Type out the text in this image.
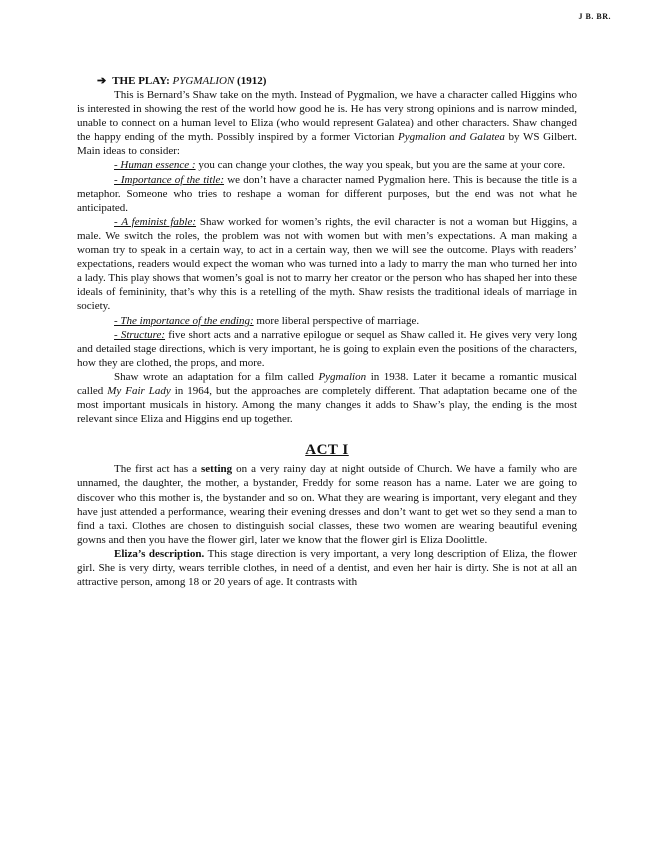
J B. BR.
➔ THE PLAY: PYGMALION (1912)

This is Bernard’s Shaw take on the myth. Instead of Pygmalion, we have a character called Higgins who is interested in showing the rest of the world how good he is. He has very strong opinions and is narrow minded, unable to connect on a human level to Eliza (who would represent Galatea) and other characters. Shaw changed the happy ending of the myth. Possibly inspired by a former Victorian Pygmalion and Galatea by WS Gilbert. Main ideas to consider:

- Human essence : you can change your clothes, the way you speak, but you are the same at your core.

- Importance of the title: we don’t have a character named Pygmalion here. This is because the title is a metaphor. Someone who tries to reshape a woman for different purposes, but the end was not what he anticipated.

- A feminist fable: Shaw worked for women’s rights, the evil character is not a woman but Higgins, a male. We switch the roles, the problem was not with women but with men’s expectations. A man making a woman try to speak in a certain way, to act in a certain way, then we will see the outcome. Plays with readers’ expectations, readers would expect the woman who was turned into a lady to marry the man who turned her into a lady. This play shows that women’s goal is not to marry her creator or the person who has shaped her into these ideals of femininity, that’s why this is a retelling of the myth. Shaw resists the traditional ideals of marriage in society.

- The importance of the ending: more liberal perspective of marriage.

- Structure: five short acts and a narrative epilogue or sequel as Shaw called it. He gives very very long and detailed stage directions, which is very important, he is going to explain even the positions of the characters, how they are clothed, the props, and more.

Shaw wrote an adaptation for a film called Pygmalion in 1938. Later it became a romantic musical called My Fair Lady in 1964, but the approaches are completely different. That adaptation became one of the most important musicals in history. Among the many changes it adds to Shaw’s play, the ending is the most relevant since Eliza and Higgins end up together.

ACT I

The first act has a setting on a very rainy day at night outside of Church. We have a family who are unnamed, the daughter, the mother, a bystander, Freddy for some reason has a name. Later we are going to discover who this mother is, the bystander and so on. What they are wearing is important, very elegant and they have just attended a performance, wearing their evening dresses and don’t want to get wet so they send a man to find a taxi. Clothes are chosen to distinguish social classes, these two women are wearing beautiful evening gowns and then you have the flower girl, later we know that the flower girl is Eliza Doolittle.

Eliza’s description. This stage direction is very important, a very long description of Eliza, the flower girl. She is very dirty, wears terrible clothes, in need of a dentist, and even her hair is dirty. She is not at all an attractive person, among 18 or 20 years of age. It contrasts with
